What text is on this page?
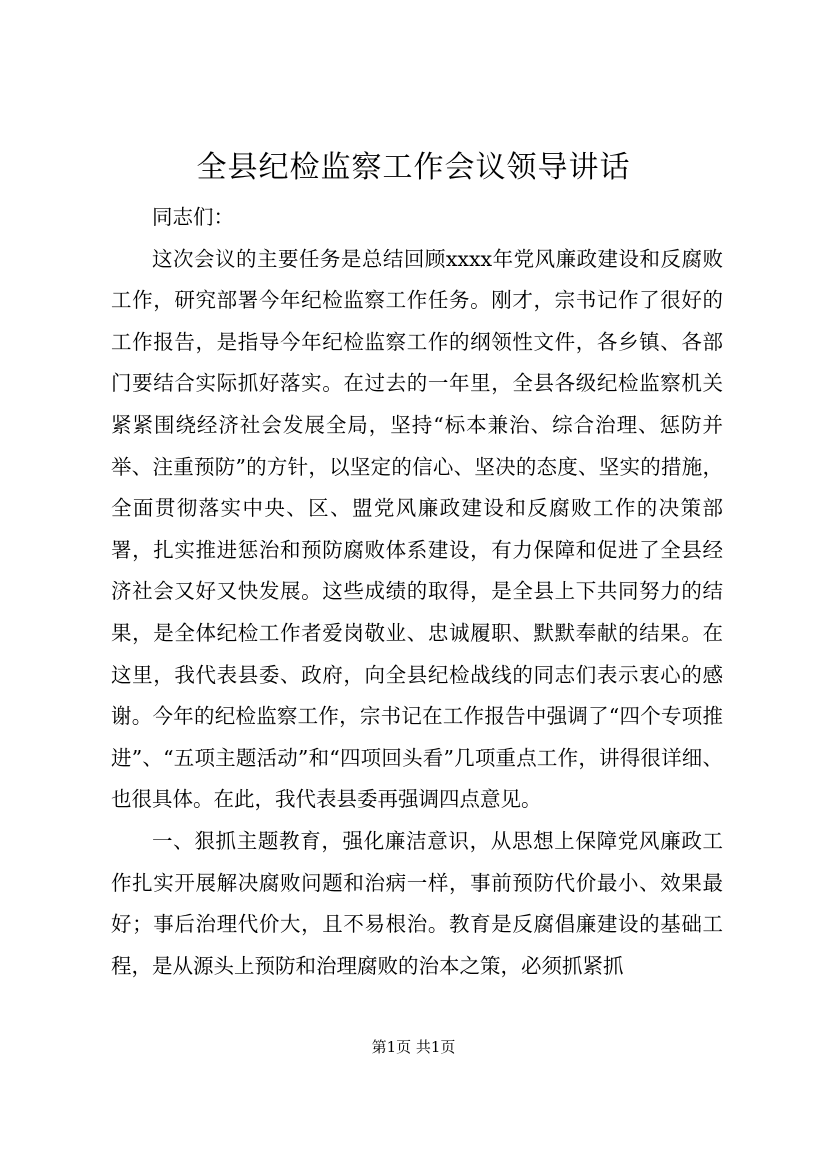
全县纪检监察工作会议领导讲话

同志们：

这次会议的主要任务是总结回顾xxxx年党风廉政建设和反腐败工作，研究部署今年纪检监察工作任务。刚才，宗书记作了很好的工作报告，是指导今年纪检监察工作的纲领性文件，各乡镇、各部门要结合实际抓好落实。在过去的一年里，全县各级纪检监察机关紧紧围绕经济社会发展全局，坚持“标本兼治、综合治理、惩防并举、注重预防”的方针，以坚定的信心、坚决的态度、坚实的措施，全面贯彻落实中央、区、盟党风廉政建设和反腐败工作的决策部署，扎实推进惩治和预防腐败体系建设，有力保障和促进了全县经济社会又好又快发展。这些成绩的取得，是全县上下共同努力的结果，是全体纪检工作者爱岗敬业、忠诚履职、默默奉献的结果。在这里，我代表县委、政府，向全县纪检战线的同志们表示衷心的感谢。今年的纪检监察工作，宗书记在工作报告中强调了“四个专项推进”、“五项主题活动”和“四项回头看”几项重点工作，讲得很详细、也很具体。在此，我代表县委再强调四点意见。

一、狠抓主题教育，强化廉洁意识，从思想上保障党风廉政工作扎实开展解决腐败问题和治病一样，事前预防代价最小、效果最好；事后治理代价大，且不易根治。教育是反腐倡廉建设的基础工程，是从源头上预防和治理腐败的治本之策，必须抓紧抓

第1页 共1页
